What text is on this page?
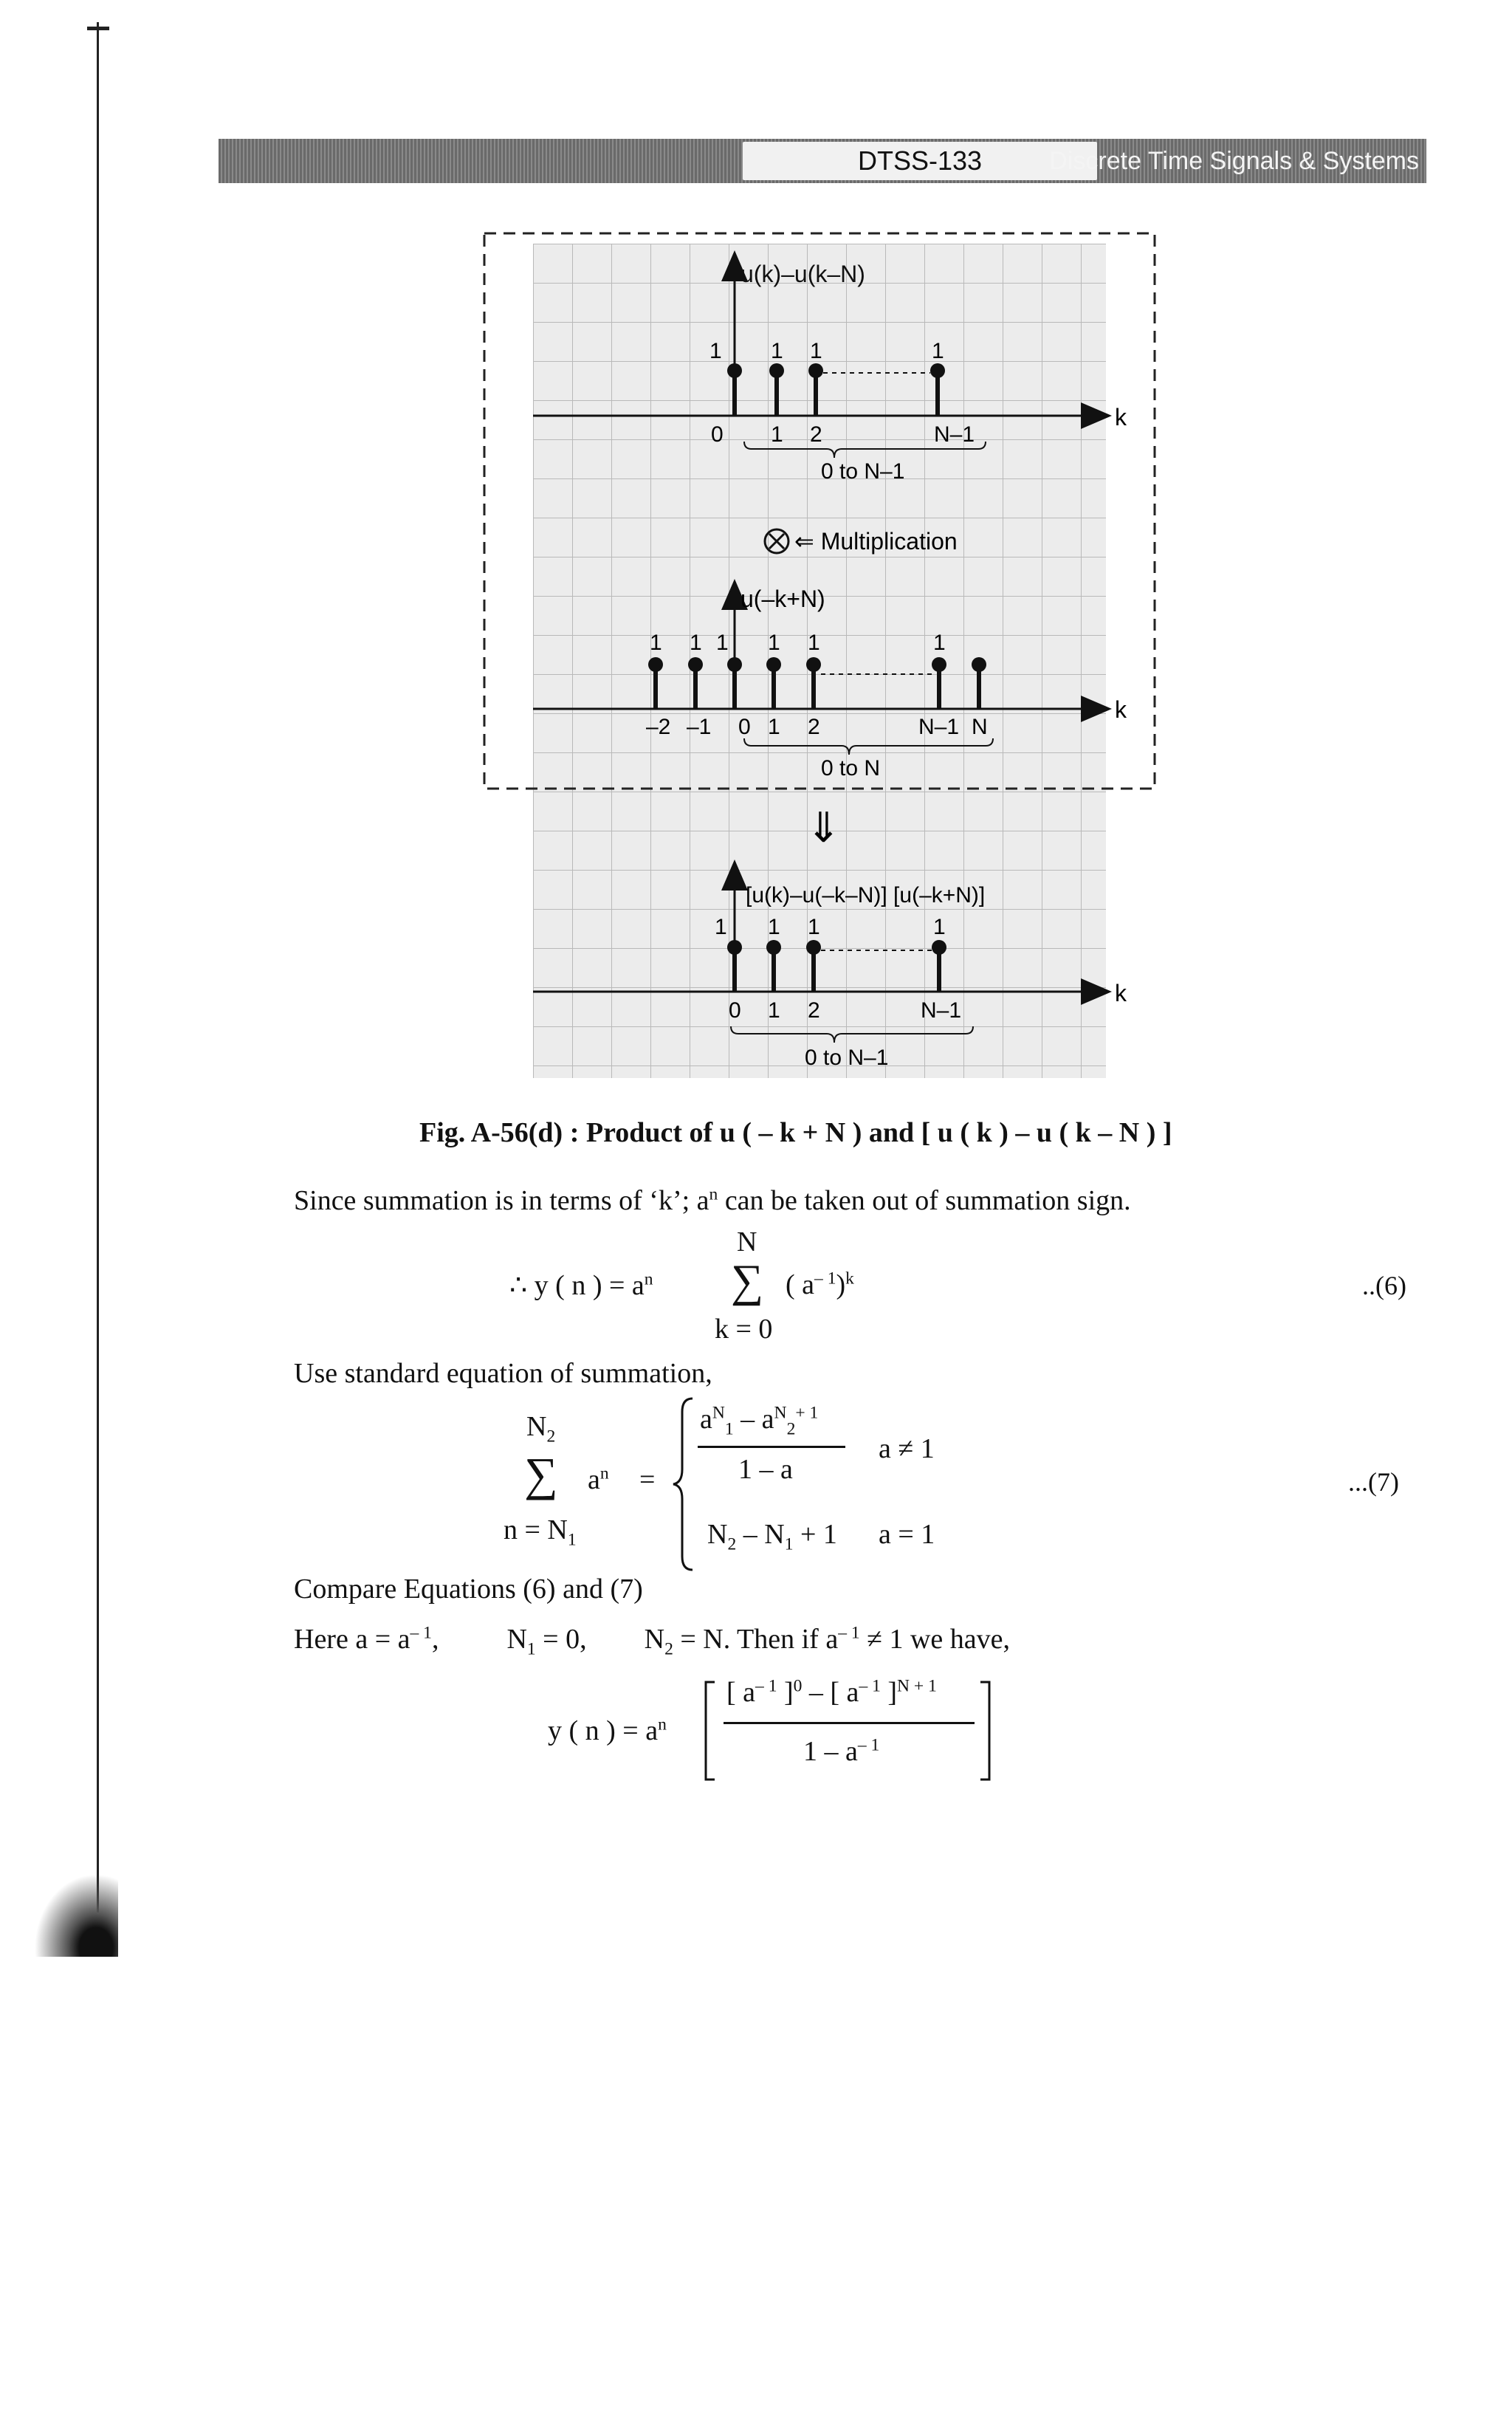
DTSS-133	Discrete Time Signals & Systems
u(k)–u(k–N)
1 1 1	1
0 1 2	N–1
k
0 to N–1
⇐ Multiplication
u(–k+N)
1 1 1 1 1	1
–2 –1 0 1 2	N–1 N
k
0 to N
⇓
[u(k)–u(–k–N)] [u(–k+N)]
1 1 1	1
0 1 2	N–1
k
0 to N–1
Fig. A-56(d) : Product of u ( – k + N ) and [ u ( k ) – u ( k – N ) ]
Since summation is in terms of ‘k’; $a^n$ can be taken out of summation sign.
N
∴ y ( n ) = $a^n$ ∑ ( $a^{- 1})^k$
k = 0
..(6)
Use standard equation of summation,
$N_2$
∑ $a^n$ =
$n = N_1$
$a^N_1 - a^N_2^{+ 1}$
1 – a
a ≠ 1
$N_2 - N_1 + 1$ a = 1
...(7)
Compare Equations (6) and (7)
Here $a = a^{- 1}$, $N_1 = 0$, $N_2 = N$. Then if $a^{- 1} \ne 1$ we have,
y ( n ) = $a^n$
[ $a^{- 1}$ ]$^0$ – [ $a^{- 1}$ ]$^{N + 1}$
$1 - a^{- 1}$
